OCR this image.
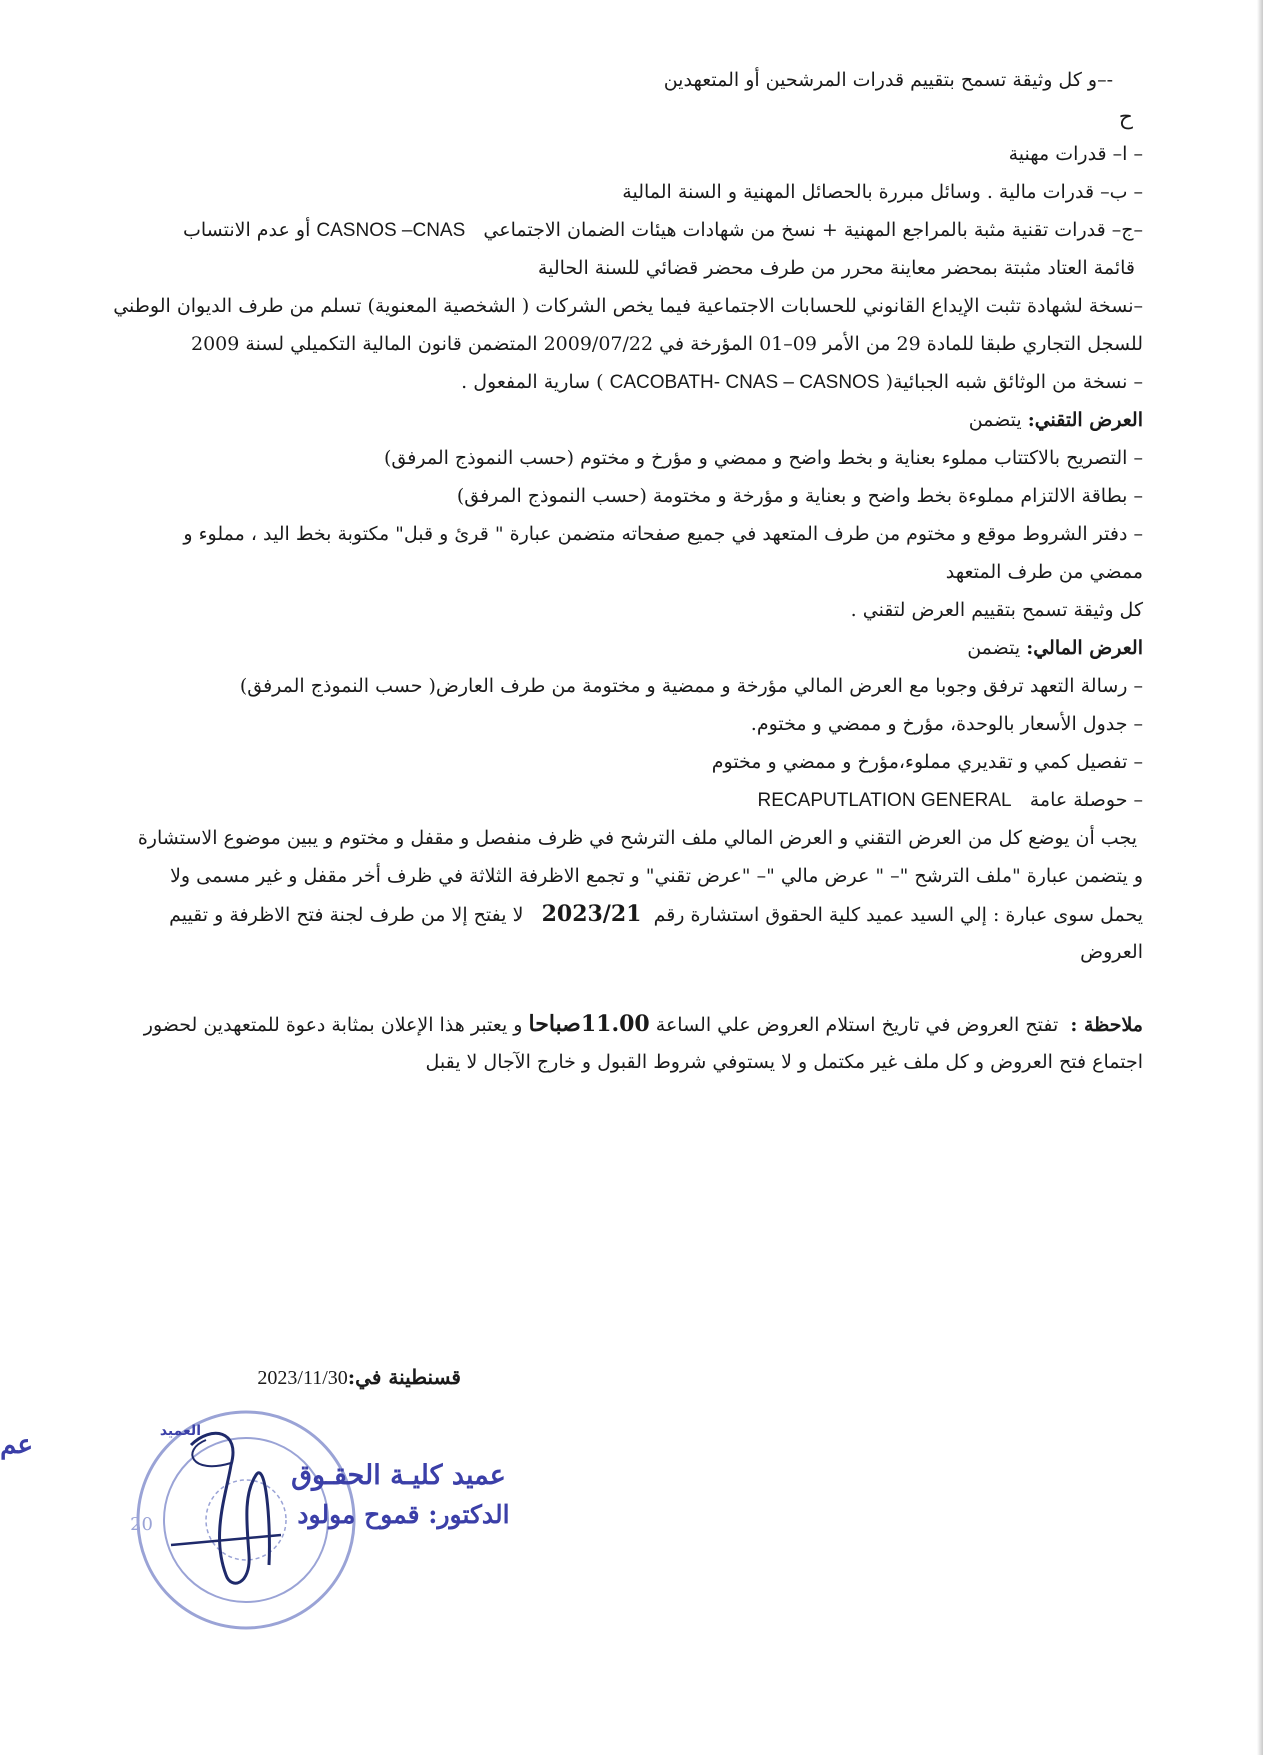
-–و كل وثيقة تسمح بتقييم قدرات المرشحين أو المتعهدين

ح

– ا– قدرات مهنية

– ب– قدرات مالية . وسائل مبررة بالحصائل المهنية و السنة المالية

–ج– قدرات تقنية مثبة بالمراجع المهنية + نسخ من شهادات هيئات الضمان الاجتماعي   CASNOS –CNAS أو عدم الانتساب

قائمة العتاد مثبتة بمحضر معاينة محرر من طرف محضر قضائي للسنة الحالية

–نسخة لشهادة تثبت الإيداع القانوني للحسابات الاجتماعية فيما يخص الشركات ( الشخصية المعنوية) تسلم من طرف الديوان الوطني

للسجل التجاري طبقا للمادة 29 من الأمر 09–01 المؤرخة في 2009/07/22 المتضمن قانون المالية التكميلي لسنة 2009

– نسخة من الوثائق شبه الجبائية( CACOBATH- CNAS – CASNOS ) سارية المفعول .

العرض التقني: يتضمن

– التصريح بالاكتتاب مملوء بعناية و بخط واضح و ممضي و مؤرخ و مختوم (حسب النموذج المرفق)

– بطاقة الالتزام مملوءة بخط واضح و بعناية و مؤرخة و مختومة (حسب النموذج المرفق)

– دفتر الشروط موقع و مختوم من طرف المتعهد في جميع صفحاته متضمن عبارة " قرئ و قبل" مكتوبة بخط اليد ، مملوء و

ممضي من طرف المتعهد

كل وثيقة تسمح بتقييم العرض لتقني .

العرض المالي: يتضمن

– رسالة التعهد ترفق وجوبا مع العرض المالي مؤرخة و ممضية و مختومة من طرف العارض( حسب النموذج المرفق)

– جدول الأسعار بالوحدة، مؤرخ و ممضي و مختوم.

– تفصيل كمي و تقديري مملوء،مؤرخ و ممضي و مختوم

– حوصلة عامة   RECAPUTLATION GENERAL

يجب أن يوضع كل من العرض التقني و العرض المالي ملف الترشح في ظرف منفصل و مقفل و مختوم و يبين موضوع الاستشارة

و يتضمن عبارة "ملف الترشح "– " عرض مالي "– "عرض تقني" و تجمع الاظرفة الثلاثة في ظرف أخر مقفل و غير مسمى ولا

يحمل سوى عبارة : إلي السيد عميد كلية الحقوق استشارة رقم  2023/21   لا يفتح إلا من طرف لجنة فتح الاظرفة و تقييم

العروض

ملاحظة :  تفتح العروض في تاريخ استلام العروض علي الساعة 11.00صباحا و يعتبر هذا الإعلان بمثابة دعوة للمتعهدين لحضور

اجتماع فتح العروض و كل ملف غير مكتمل و لا يستوفي شروط القبول و خارج الآجال لا يقبل

قسنطينة في:2023/11/30
20
العميد
عميد كليـة الحقـوق
الدكتور: قموح مولود
عم
